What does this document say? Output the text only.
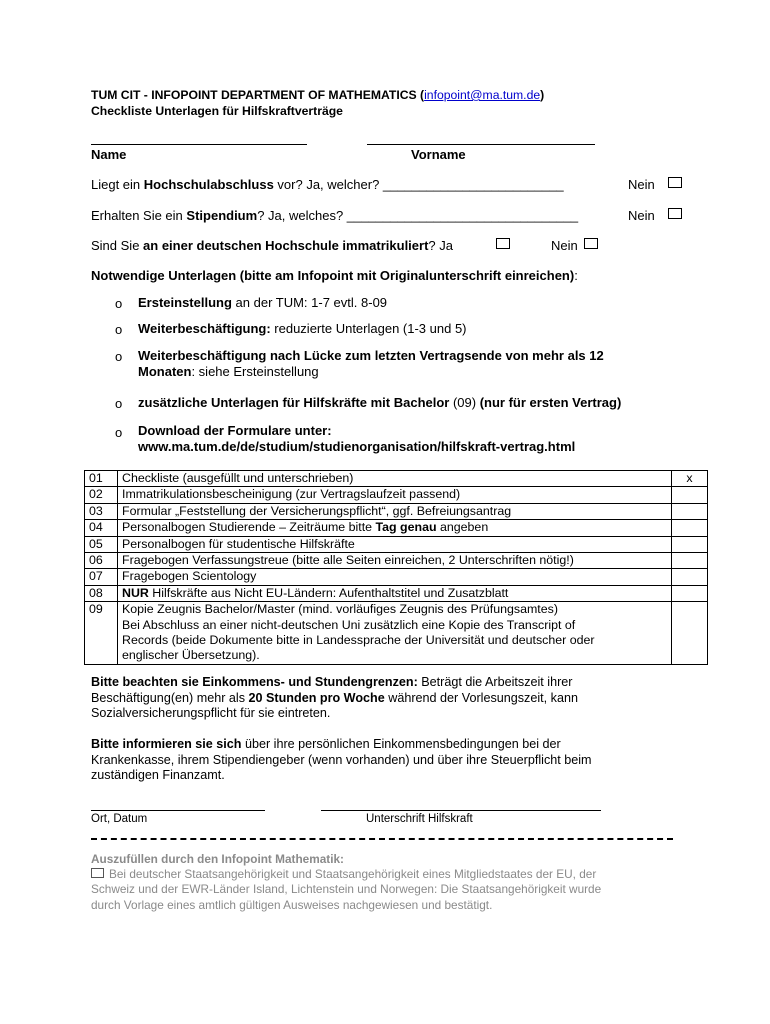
TUM CIT - INFOPOINT DEPARTMENT OF MATHEMATICS (infopoint@ma.tum.de)
Checkliste Unterlagen für Hilfskraftverträge
Name	Vorname
Liegt ein Hochschulabschluss vor? Ja, welcher? _________________________	Nein
Erhalten Sie ein Stipendium? Ja, welches? ________________________________	Nein
Sind Sie an einer deutschen Hochschule immatrikuliert? Ja	Nein
Notwendige Unterlagen (bitte am Infopoint mit Originalunterschrift einreichen):
o Ersteinstellung an der TUM: 1-7 evtl. 8-09
o Weiterbeschäftigung: reduzierte Unterlagen (1-3 und 5)
o Weiterbeschäftigung nach Lücke zum letzten Vertragsende von mehr als 12
Monaten: siehe Ersteinstellung
o zusätzliche Unterlagen für Hilfskräfte mit Bachelor (09) (nur für ersten Vertrag)
o Download der Formulare unter:
www.ma.tum.de/de/studium/studienorganisation/hilfskraft-vertrag.html
01	Checkliste (ausgefüllt und unterschrieben)	x
02	Immatrikulationsbescheinigung (zur Vertragslaufzeit passend)	
03	Formular „Feststellung der Versicherungspflicht“, ggf. Befreiungsantrag	
04	Personalbogen Studierende – Zeiträume bitte Tag genau angeben	
05	Personalbogen für studentische Hilfskräfte	
06	Fragebogen Verfassungstreue (bitte alle Seiten einreichen, 2 Unterschriften nötig!)	
07	Fragebogen Scientology	
08	NUR Hilfskräfte aus Nicht EU-Ländern: Aufenthaltstitel und Zusatzblatt	
09	Kopie Zeugnis Bachelor/Master (mind. vorläufiges Zeugnis des Prüfungsamtes)
Bei Abschluss an einer nicht-deutschen Uni zusätzlich eine Kopie des Transcript of
Records (beide Dokumente bitte in Landessprache der Universität und deutscher oder
englischer Übersetzung).	

Bitte beachten sie Einkommens- und Stundengrenzen: Beträgt die Arbeitszeit ihrer
Beschäftigung(en) mehr als 20 Stunden pro Woche während der Vorlesungszeit, kann
Sozialversicherungspflicht für sie eintreten.
Bitte informieren sie sich über ihre persönlichen Einkommensbedingungen bei der
Krankenkasse, ihrem Stipendiengeber (wenn vorhanden) und über ihre Steuerpflicht beim
zuständigen Finanzamt.
Ort, Datum	Unterschrift Hilfskraft
Auszufüllen durch den Infopoint Mathematik:
Bei deutscher Staatsangehörigkeit und Staatsangehörigkeit eines Mitgliedstaates der EU, der
Schweiz und der EWR-Länder Island, Lichtenstein und Norwegen: Die Staatsangehörigkeit wurde
durch Vorlage eines amtlich gültigen Ausweises nachgewiesen und bestätigt.
